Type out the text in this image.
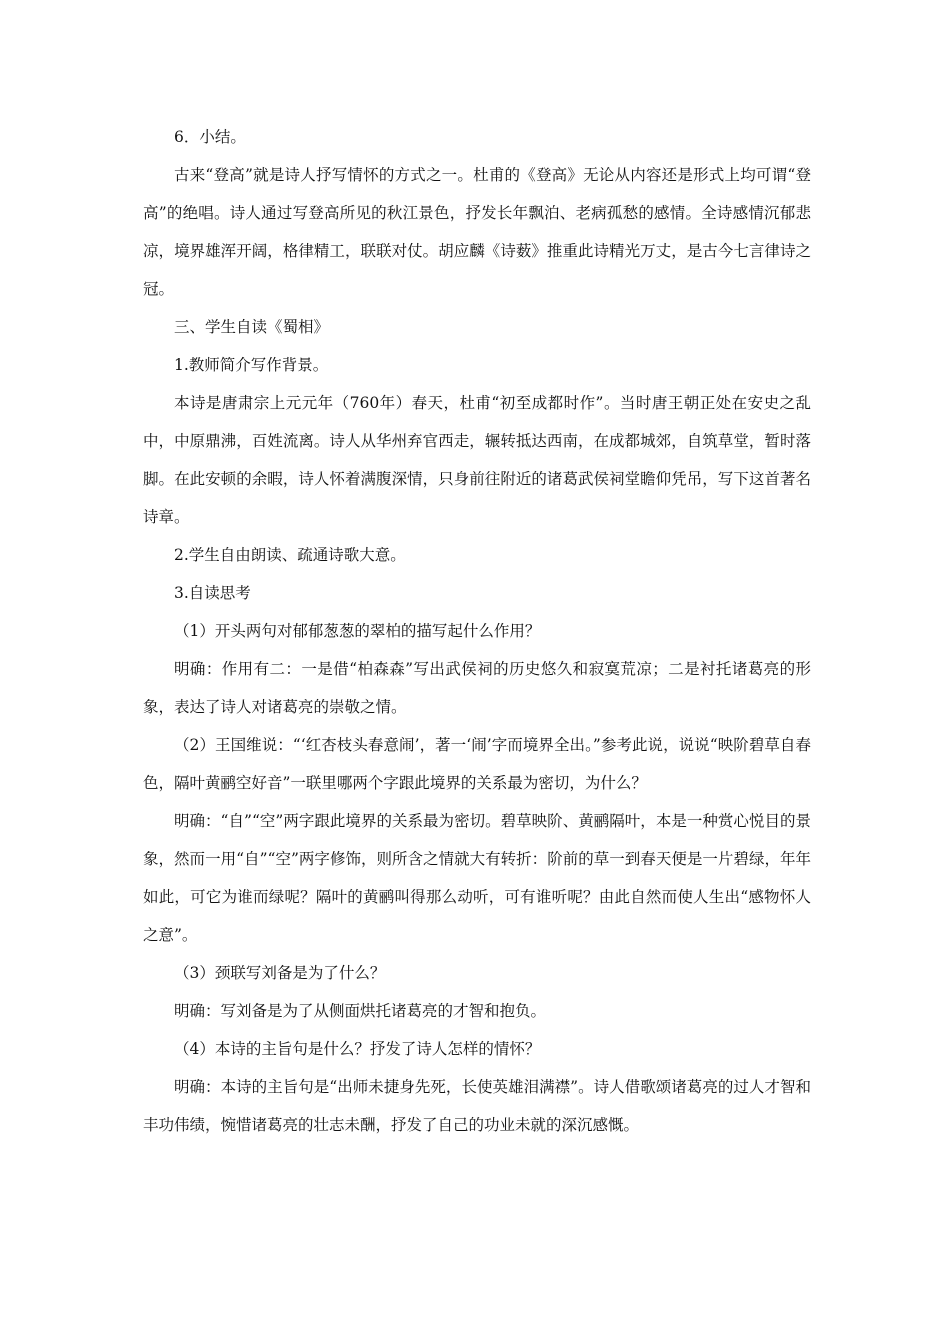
6．小结。

古来“登高”就是诗人抒写情怀的方式之一。杜甫的《登高》无论从内容还是形式上均可谓“登高”的绝唱。诗人通过写登高所见的秋江景色，抒发长年飘泊、老病孤愁的感情。全诗感情沉郁悲凉，境界雄浑开阔，格律精工，联联对仗。胡应麟《诗薮》推重此诗精光万丈，是古今七言律诗之冠。

三、学生自读《蜀相》

1.教师简介写作背景。

本诗是唐肃宗上元元年（760年）春天，杜甫“初至成都时作”。当时唐王朝正处在安史之乱中，中原鼎沸，百姓流离。诗人从华州弃官西走，辗转抵达西南，在成都城郊，自筑草堂，暂时落脚。在此安顿的余暇，诗人怀着满腹深情，只身前往附近的诸葛武侯祠堂瞻仰凭吊，写下这首著名诗章。

2.学生自由朗读、疏通诗歌大意。

3.自读思考

（1）开头两句对郁郁葱葱的翠柏的描写起什么作用？

明确：作用有二：一是借“柏森森”写出武侯祠的历史悠久和寂寞荒凉；二是衬托诸葛亮的形象，表达了诗人对诸葛亮的崇敬之情。

（2）王国维说：“‘红杏枝头春意闹’，著一‘闹’字而境界全出。”参考此说，说说“映阶碧草自春色，隔叶黄鹂空好音”一联里哪两个字跟此境界的关系最为密切，为什么？

明确：“自”“空”两字跟此境界的关系最为密切。碧草映阶、黄鹂隔叶，本是一种赏心悦目的景象，然而一用“自”“空”两字修饰，则所含之情就大有转折：阶前的草一到春天便是一片碧绿，年年如此，可它为谁而绿呢？隔叶的黄鹂叫得那么动听，可有谁听呢？由此自然而使人生出“感物怀人之意”。

（3）颈联写刘备是为了什么？

明确：写刘备是为了从侧面烘托诸葛亮的才智和抱负。

（4）本诗的主旨句是什么？抒发了诗人怎样的情怀？

明确：本诗的主旨句是“出师未捷身先死，长使英雄泪满襟”。诗人借歌颂诸葛亮的过人才智和丰功伟绩，惋惜诸葛亮的壮志未酬，抒发了自己的功业未就的深沉感慨。
